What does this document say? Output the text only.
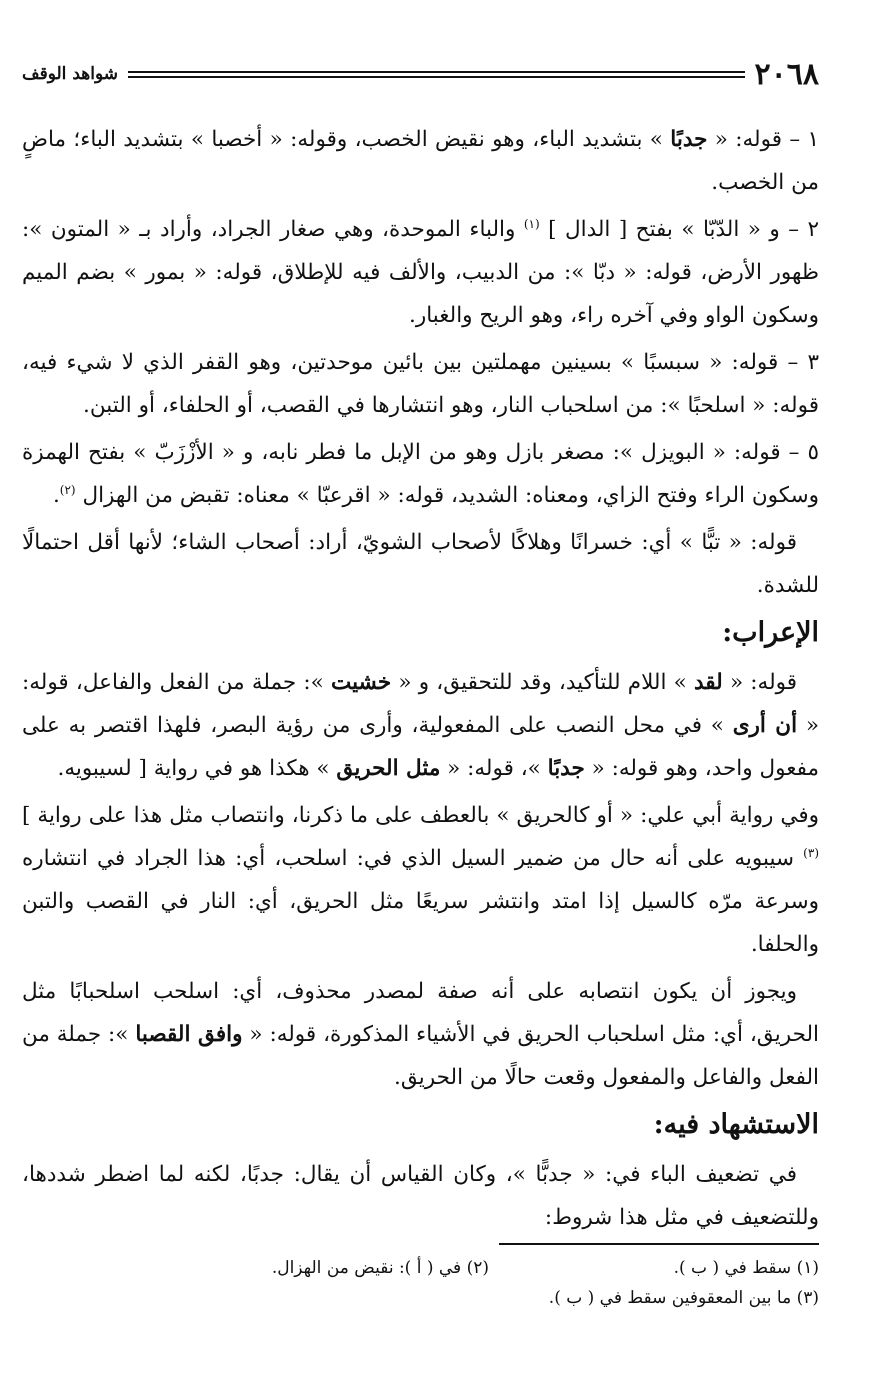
٢٠٦٨
شواهد الوقف

١ – قوله: « جدبًا » بتشديد الباء، وهو نقيض الخصب، وقوله: « أخصبا » بتشديد الباء؛ ماضٍ من الخصب.

٢ – و « الدّبّا » بفتح [ الدال ] $^{(١)}$ والباء الموحدة، وهي صغار الجراد، وأراد بـ « المتون »: ظهور الأرض، قوله: « دبّا »: من الدبيب، والألف فيه للإطلاق، قوله: « بمور » بضم الميم وسكون الواو وفي آخره راء، وهو الريح والغبار.

٣ – قوله: « سبسبًا » بسينين مهملتين بين بائين موحدتين، وهو القفر الذي لا شيء فيه، قوله: « اسلحبًا »: من اسلحباب النار، وهو انتشارها في القصب، أو الحلفاء، أو التبن.

٥ – قوله: « البويزل »: مصغر بازل وهو من الإبل ما فطر نابه، و « الأزْزَبّ » بفتح الهمزة وسكون الراء وفتح الزاي، ومعناه: الشديد، قوله: « اقرعبّا » معناه: تقبض من الهزال $^{(٢)}$.

قوله: « تبًّا » أي: خسرانًا وهلاكًا لأصحاب الشويّ، أراد: أصحاب الشاء؛ لأنها أقل احتمالًا للشدة.

الإعراب:

قوله: « لقد » اللام للتأكيد، وقد للتحقيق، و « خشيت »: جملة من الفعل والفاعل، قوله: « أن أرى » في محل النصب على المفعولية، وأرى من رؤية البصر، فلهذا اقتصر به على مفعول واحد، وهو قوله: « جدبًا »، قوله: « مثل الحريق » هكذا هو في رواية [ لسيبويه.

وفي رواية أبي علي: « أو كالحريق » بالعطف على ما ذكرنا، وانتصاب مثل هذا على رواية ] $^{(٣)}$ سيبويه على أنه حال من ضمير السيل الذي في: اسلحب، أي: هذا الجراد في انتشاره وسرعة مرّه كالسيل إذا امتد وانتشر سريعًا مثل الحريق، أي: النار في القصب والتبن والحلفا.

ويجوز أن يكون انتصابه على أنه صفة لمصدر محذوف، أي: اسلحب اسلحبابًا مثل الحريق، أي: مثل اسلحباب الحريق في الأشياء المذكورة، قوله: « وافق القصبا »: جملة من الفعل والفاعل والمفعول وقعت حالًا من الحريق.

الاستشهاد فيه:

في تضعيف الباء في: « جدبًّا »، وكان القياس أن يقال: جدبًا، لكنه لما اضطر شددها، وللتضعيف في مثل هذا شروط:

(١) سقط في ( ب ).
(٢) في ( أ ): نقيض من الهزال.
(٣) ما بين المعقوفين سقط في ( ب ).
